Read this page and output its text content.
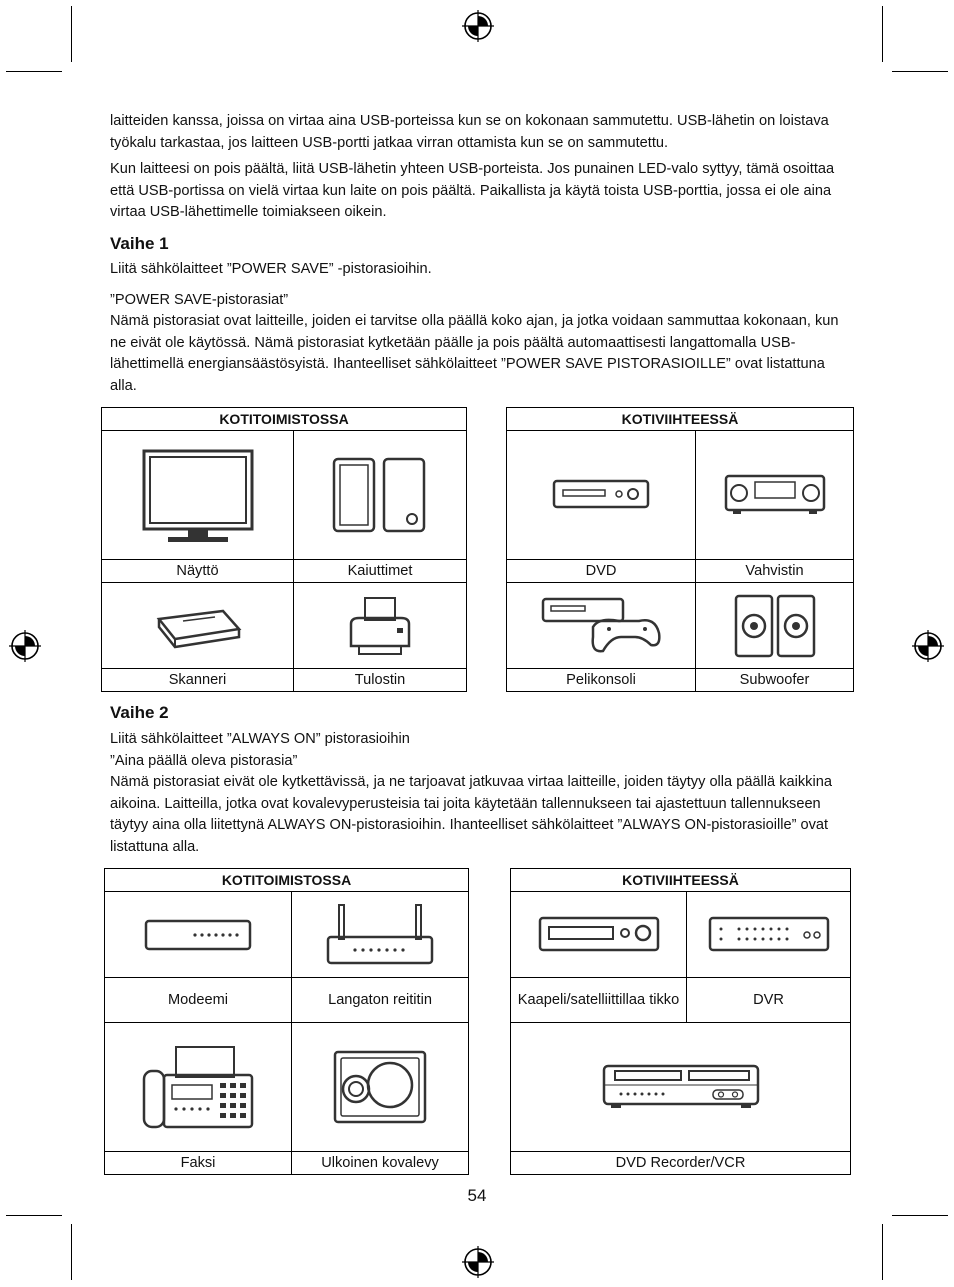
laitteiden kanssa, joissa on virtaa aina USB-porteissa kun se on kokonaan sammutettu. USB-lähetin on loistava työkalu tarkastaa, jos laitteen USB-portti jatkaa virran ottamista kun se on sammutettu.

Kun laitteesi on pois päältä, liitä USB-lähetin yhteen USB-porteista. Jos punainen LED-valo syttyy, tämä osoittaa että USB-portissa on vielä virtaa kun laite on pois päältä. Paikallista ja käytä toista USB-porttia, jossa ei ole aina virtaa USB-lähettimelle toimiakseen oikein.

Vaihe 1

Liitä sähkölaitteet ”POWER SAVE” -pistorasioihin.

”POWER SAVE-pistorasiat”

Nämä pistorasiat ovat laitteille, joiden ei tarvitse olla päällä koko ajan, ja jotka voidaan sammuttaa kokonaan, kun ne eivät ole käytössä. Nämä pistorasiat kytketään päälle ja pois päältä automaattisesti langattomalla USB-lähettimellä energiansäästösyistä. Ihanteelliset sähkölaitteet ”POWER SAVE PISTORASIOILLE” ovat listattuna alla.

KOTITOIMISTOSSA	

Näyttö	Kaiuttimet

Skanneri	Tulostin
KOTIVIIHTEESSÄ	

DVD	Vahvistin

Pelikonsoli	Subwoofer
Vaihe 2

Liitä sähkölaitteet ”ALWAYS ON” pistorasioihin

”Aina päällä oleva pistorasia”

Nämä pistorasiat eivät ole kytkettävissä, ja ne tarjoavat jatkuvaa virtaa laitteille, joiden täytyy olla päällä kaikkina aikoina. Laitteilla, jotka ovat kovalevyperusteisia tai joita käytetään tallennukseen tai ajastettuun tallennukseen täytyy aina olla liitettynä ALWAYS ON-pistorasioihin. Ihanteelliset sähkölaitteet ”ALWAYS ON-pistorasioille” ovat listattuna alla.

KOTITOIMISTOSSA	

Modeemi	Langaton reititin

Faksi	Ulkoinen kovalevy
KOTIVIIHTEESSÄ	

Kaapeli/satelliittillaa tikko	DVR

DVD Recorder/VCR	
54
